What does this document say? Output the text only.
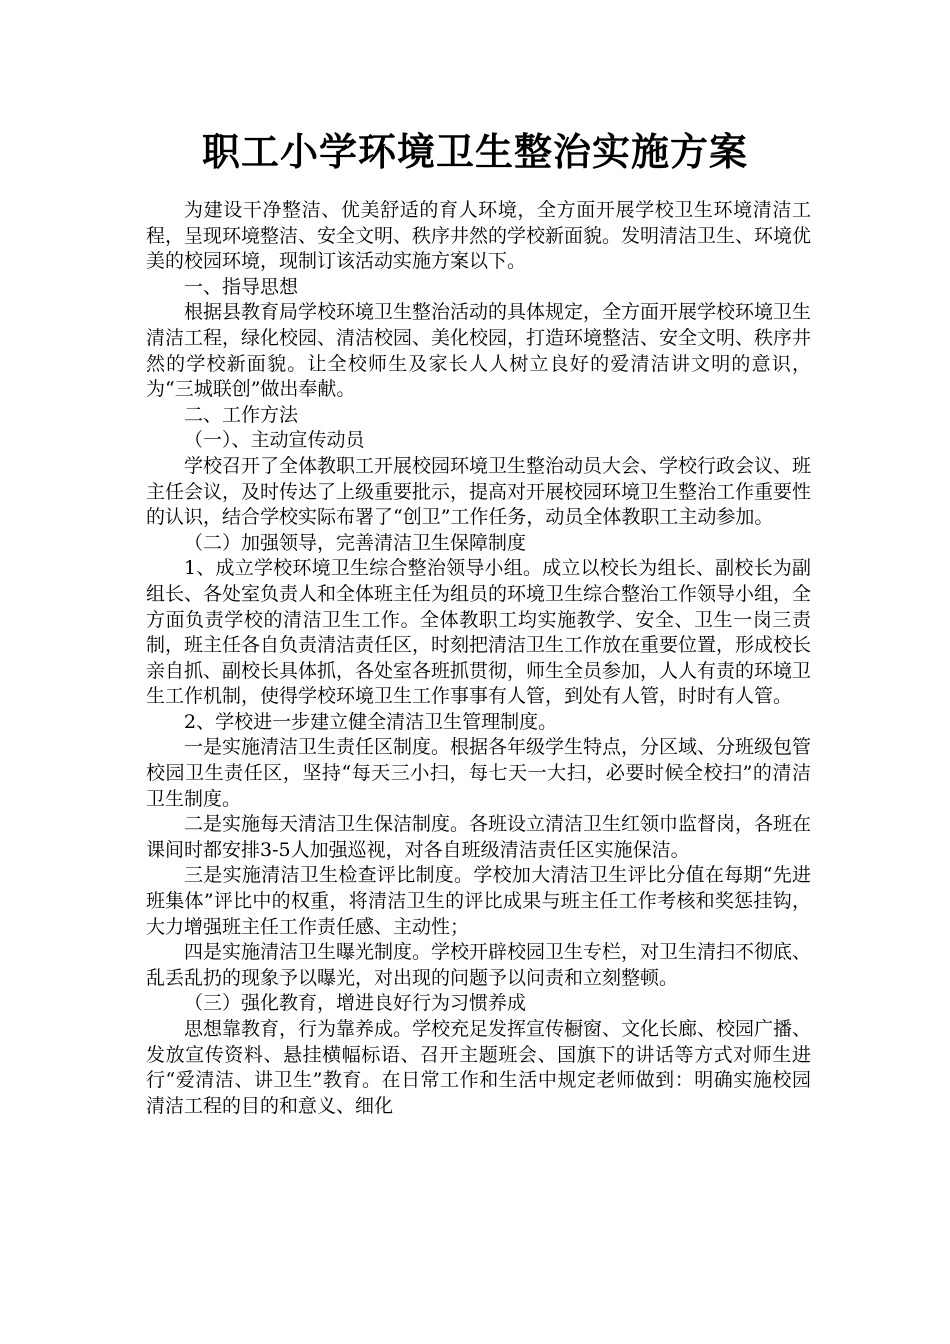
职工小学环境卫生整治实施方案

为建设干净整洁、优美舒适的育人环境，全方面开展学校卫生环境清洁工程，呈现环境整洁、安全文明、秩序井然的学校新面貌。发明清洁卫生、环境优美的校园环境，现制订该活动实施方案以下。

一、指导思想

根据县教育局学校环境卫生整治活动的具体规定，全方面开展学校环境卫生清洁工程，绿化校园、清洁校园、美化校园，打造环境整洁、安全文明、秩序井然的学校新面貌。让全校师生及家长人人树立良好的爱清洁讲文明的意识，为“三城联创”做出奉献。

二、工作方法

（一）、主动宣传动员

学校召开了全体教职工开展校园环境卫生整治动员大会、学校行政会议、班主任会议，及时传达了上级重要批示，提高对开展校园环境卫生整治工作重要性的认识，结合学校实际布署了“创卫”工作任务，动员全体教职工主动参加。

（二）加强领导，完善清洁卫生保障制度

1、成立学校环境卫生综合整治领导小组。成立以校长为组长、副校长为副组长、各处室负责人和全体班主任为组员的环境卫生综合整治工作领导小组，全方面负责学校的清洁卫生工作。全体教职工均实施教学、安全、卫生一岗三责制，班主任各自负责清洁责任区，时刻把清洁卫生工作放在重要位置，形成校长亲自抓、副校长具体抓，各处室各班抓贯彻，师生全员参加，人人有责的环境卫生工作机制，使得学校环境卫生工作事事有人管，到处有人管，时时有人管。

2、学校进一步建立健全清洁卫生管理制度。

一是实施清洁卫生责任区制度。根据各年级学生特点，分区域、分班级包管校园卫生责任区，坚持“每天三小扫，每七天一大扫，必要时候全校扫”的清洁卫生制度。

二是实施每天清洁卫生保洁制度。各班设立清洁卫生红领巾监督岗，各班在课间时都安排3-5人加强巡视，对各自班级清洁责任区实施保洁。

三是实施清洁卫生检查评比制度。学校加大清洁卫生评比分值在每期“先进班集体”评比中的权重，将清洁卫生的评比成果与班主任工作考核和奖惩挂钩，大力增强班主任工作责任感、主动性；

四是实施清洁卫生曝光制度。学校开辟校园卫生专栏，对卫生清扫不彻底、乱丢乱扔的现象予以曝光，对出现的问题予以问责和立刻整顿。

（三）强化教育，增进良好行为习惯养成

思想靠教育，行为靠养成。学校充足发挥宣传橱窗、文化长廊、校园广播、发放宣传资料、悬挂横幅标语、召开主题班会、国旗下的讲话等方式对师生进行“爱清洁、讲卫生”教育。在日常工作和生活中规定老师做到：明确实施校园清洁工程的目的和意义、细化
